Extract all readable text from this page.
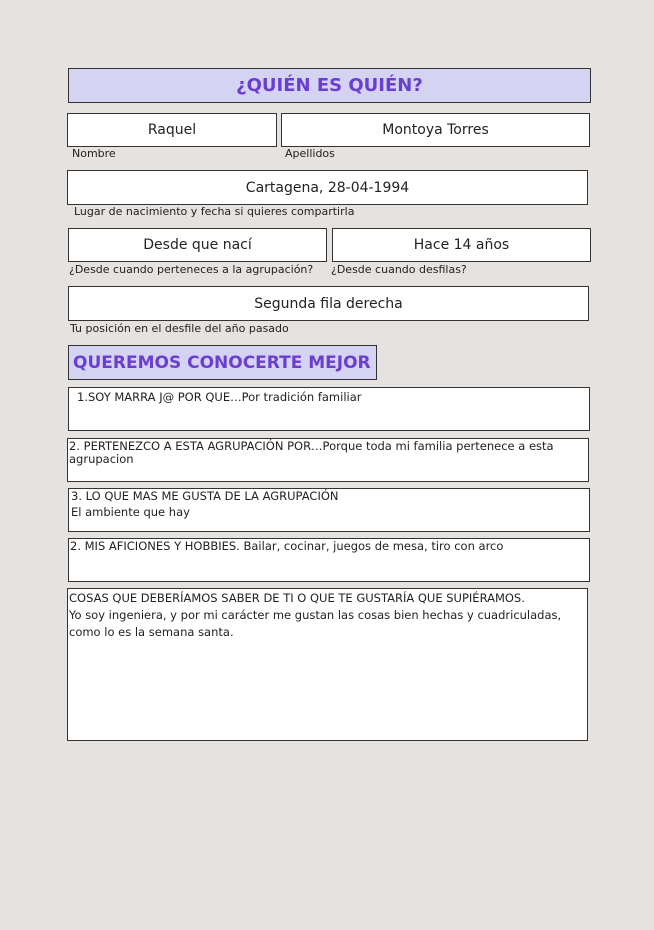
¿QUIÉN ES QUIÉN?
Raquel
Nombre
Montoya Torres
Apellidos
Cartagena, 28-04-1994
Lugar de nacimiento y fecha si quieres compartirla
Desde que nací
¿Desde cuando perteneces a la agrupación?
Hace 14 años
¿Desde cuando desfilas?
Segunda fila derecha
Tu posición en el desfile del año pasado
QUEREMOS CONOCERTE MEJOR
1.SOY MARRA J@ POR QUE…Por tradición familiar
2. PERTENEZCO A ESTA AGRUPACIÓN POR…Porque toda mi familia pertenece a esta agrupacion
3. LO QUE MAS ME GUSTA DE LA AGRUPACIÓN
El ambiente que hay
2. MIS AFICIONES Y HOBBIES. Bailar, cocinar, juegos de mesa, tiro con arco
COSAS QUE DEBERÍAMOS SABER DE TI O QUE TE GUSTARÍA QUE SUPIÉRAMOS.
Yo soy ingeniera, y por mi carácter me gustan las cosas bien hechas y cuadriculadas, como lo es la semana santa.
